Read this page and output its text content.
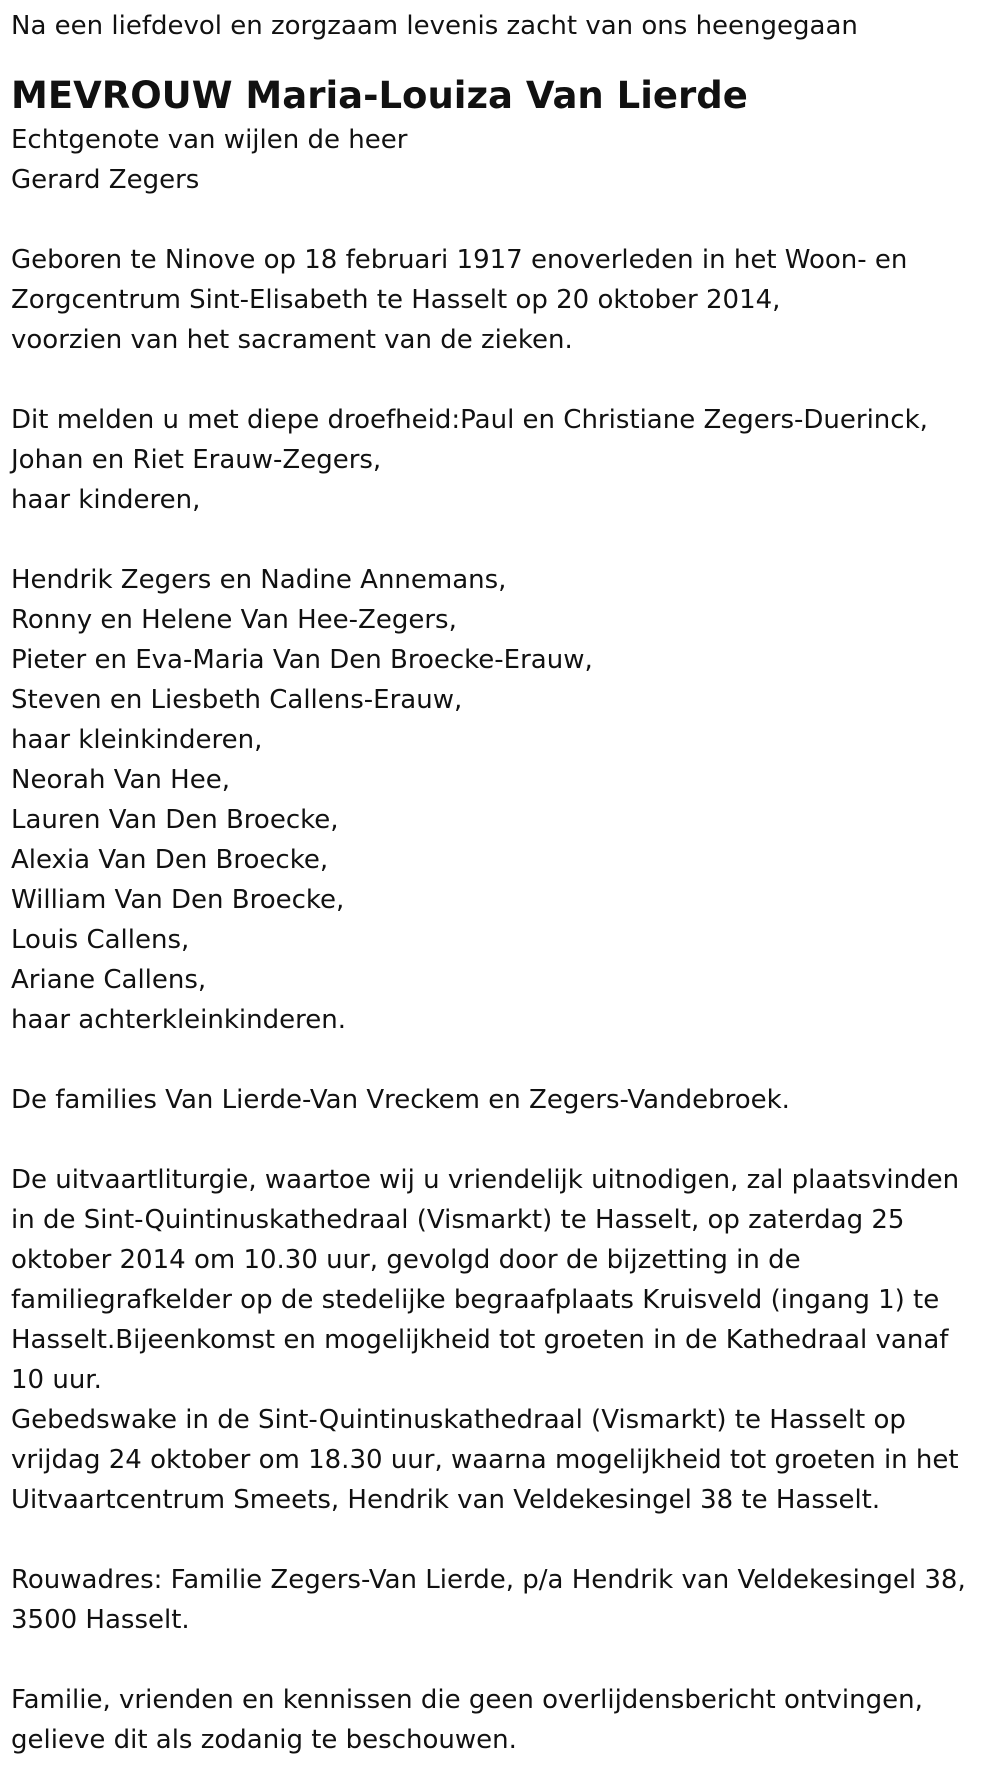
Na een liefdevol en zorgzaam levenis zacht van ons heengegaan

MEVROUW Maria-Louiza Van Lierde

Echtgenote van wijlen de heer

Gerard Zegers

Geboren te Ninove op 18 februari 1917 enoverleden in het Woon- en

Zorgcentrum Sint-Elisabeth te Hasselt op 20 oktober 2014,

voorzien van het sacrament van de zieken.

Dit melden u met diepe droefheid:Paul en Christiane Zegers-Duerinck,

Johan en Riet Erauw-Zegers,

haar kinderen,

Hendrik Zegers en Nadine Annemans,

Ronny en Helene Van Hee-Zegers,

Pieter en Eva-Maria Van Den Broecke-Erauw,

Steven en Liesbeth Callens-Erauw,

haar kleinkinderen,

Neorah Van Hee,

Lauren Van Den Broecke,

Alexia Van Den Broecke,

William Van Den Broecke,

Louis Callens,

Ariane Callens,

haar achterkleinkinderen.

De families Van Lierde-Van Vreckem en Zegers-Vandebroek.

De uitvaartliturgie, waartoe wij u vriendelijk uitnodigen, zal plaatsvinden

in de Sint-Quintinuskathedraal (Vismarkt) te Hasselt, op zaterdag 25

oktober 2014 om 10.30 uur, gevolgd door de bijzetting in de

familiegrafkelder op de stedelijke begraafplaats Kruisveld (ingang 1) te

Hasselt.Bijeenkomst en mogelijkheid tot groeten in de Kathedraal vanaf

10 uur.

Gebedswake in de Sint-Quintinuskathedraal (Vismarkt) te Hasselt op

vrijdag 24 oktober om 18.30 uur, waarna mogelijkheid tot groeten in het

Uitvaartcentrum Smeets, Hendrik van Veldekesingel 38 te Hasselt.

Rouwadres: Familie Zegers-Van Lierde, p/a Hendrik van Veldekesingel 38,

3500 Hasselt.

Familie, vrienden en kennissen die geen overlijdensbericht ontvingen,

gelieve dit als zodanig te beschouwen.
